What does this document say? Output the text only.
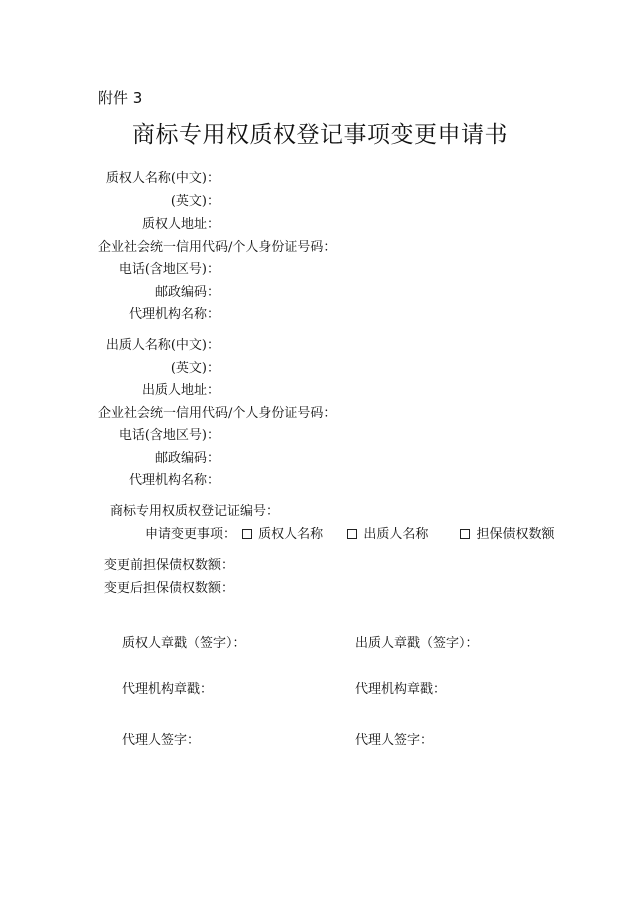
附件 3
商标专用权质权登记事项变更申请书
质权人名称(中文)：
(英文)：
质权人地址：
企业社会统一信用代码/个人身份证号码：
电话(含地区号)：
邮政编码：
代理机构名称：
出质人名称(中文)：
(英文)：
出质人地址：
企业社会统一信用代码/个人身份证号码：
电话(含地区号)：
邮政编码：
代理机构名称：
商标专用权质权登记证编号：
申请变更事项： 质权人名称	出质人名称	担保债权数额
变更前担保债权数额：
变更后担保债权数额：
质权人章戳（签字）：	出质人章戳（签字）：
代理机构章戳：	代理机构章戳：
代理人签字：	代理人签字：
